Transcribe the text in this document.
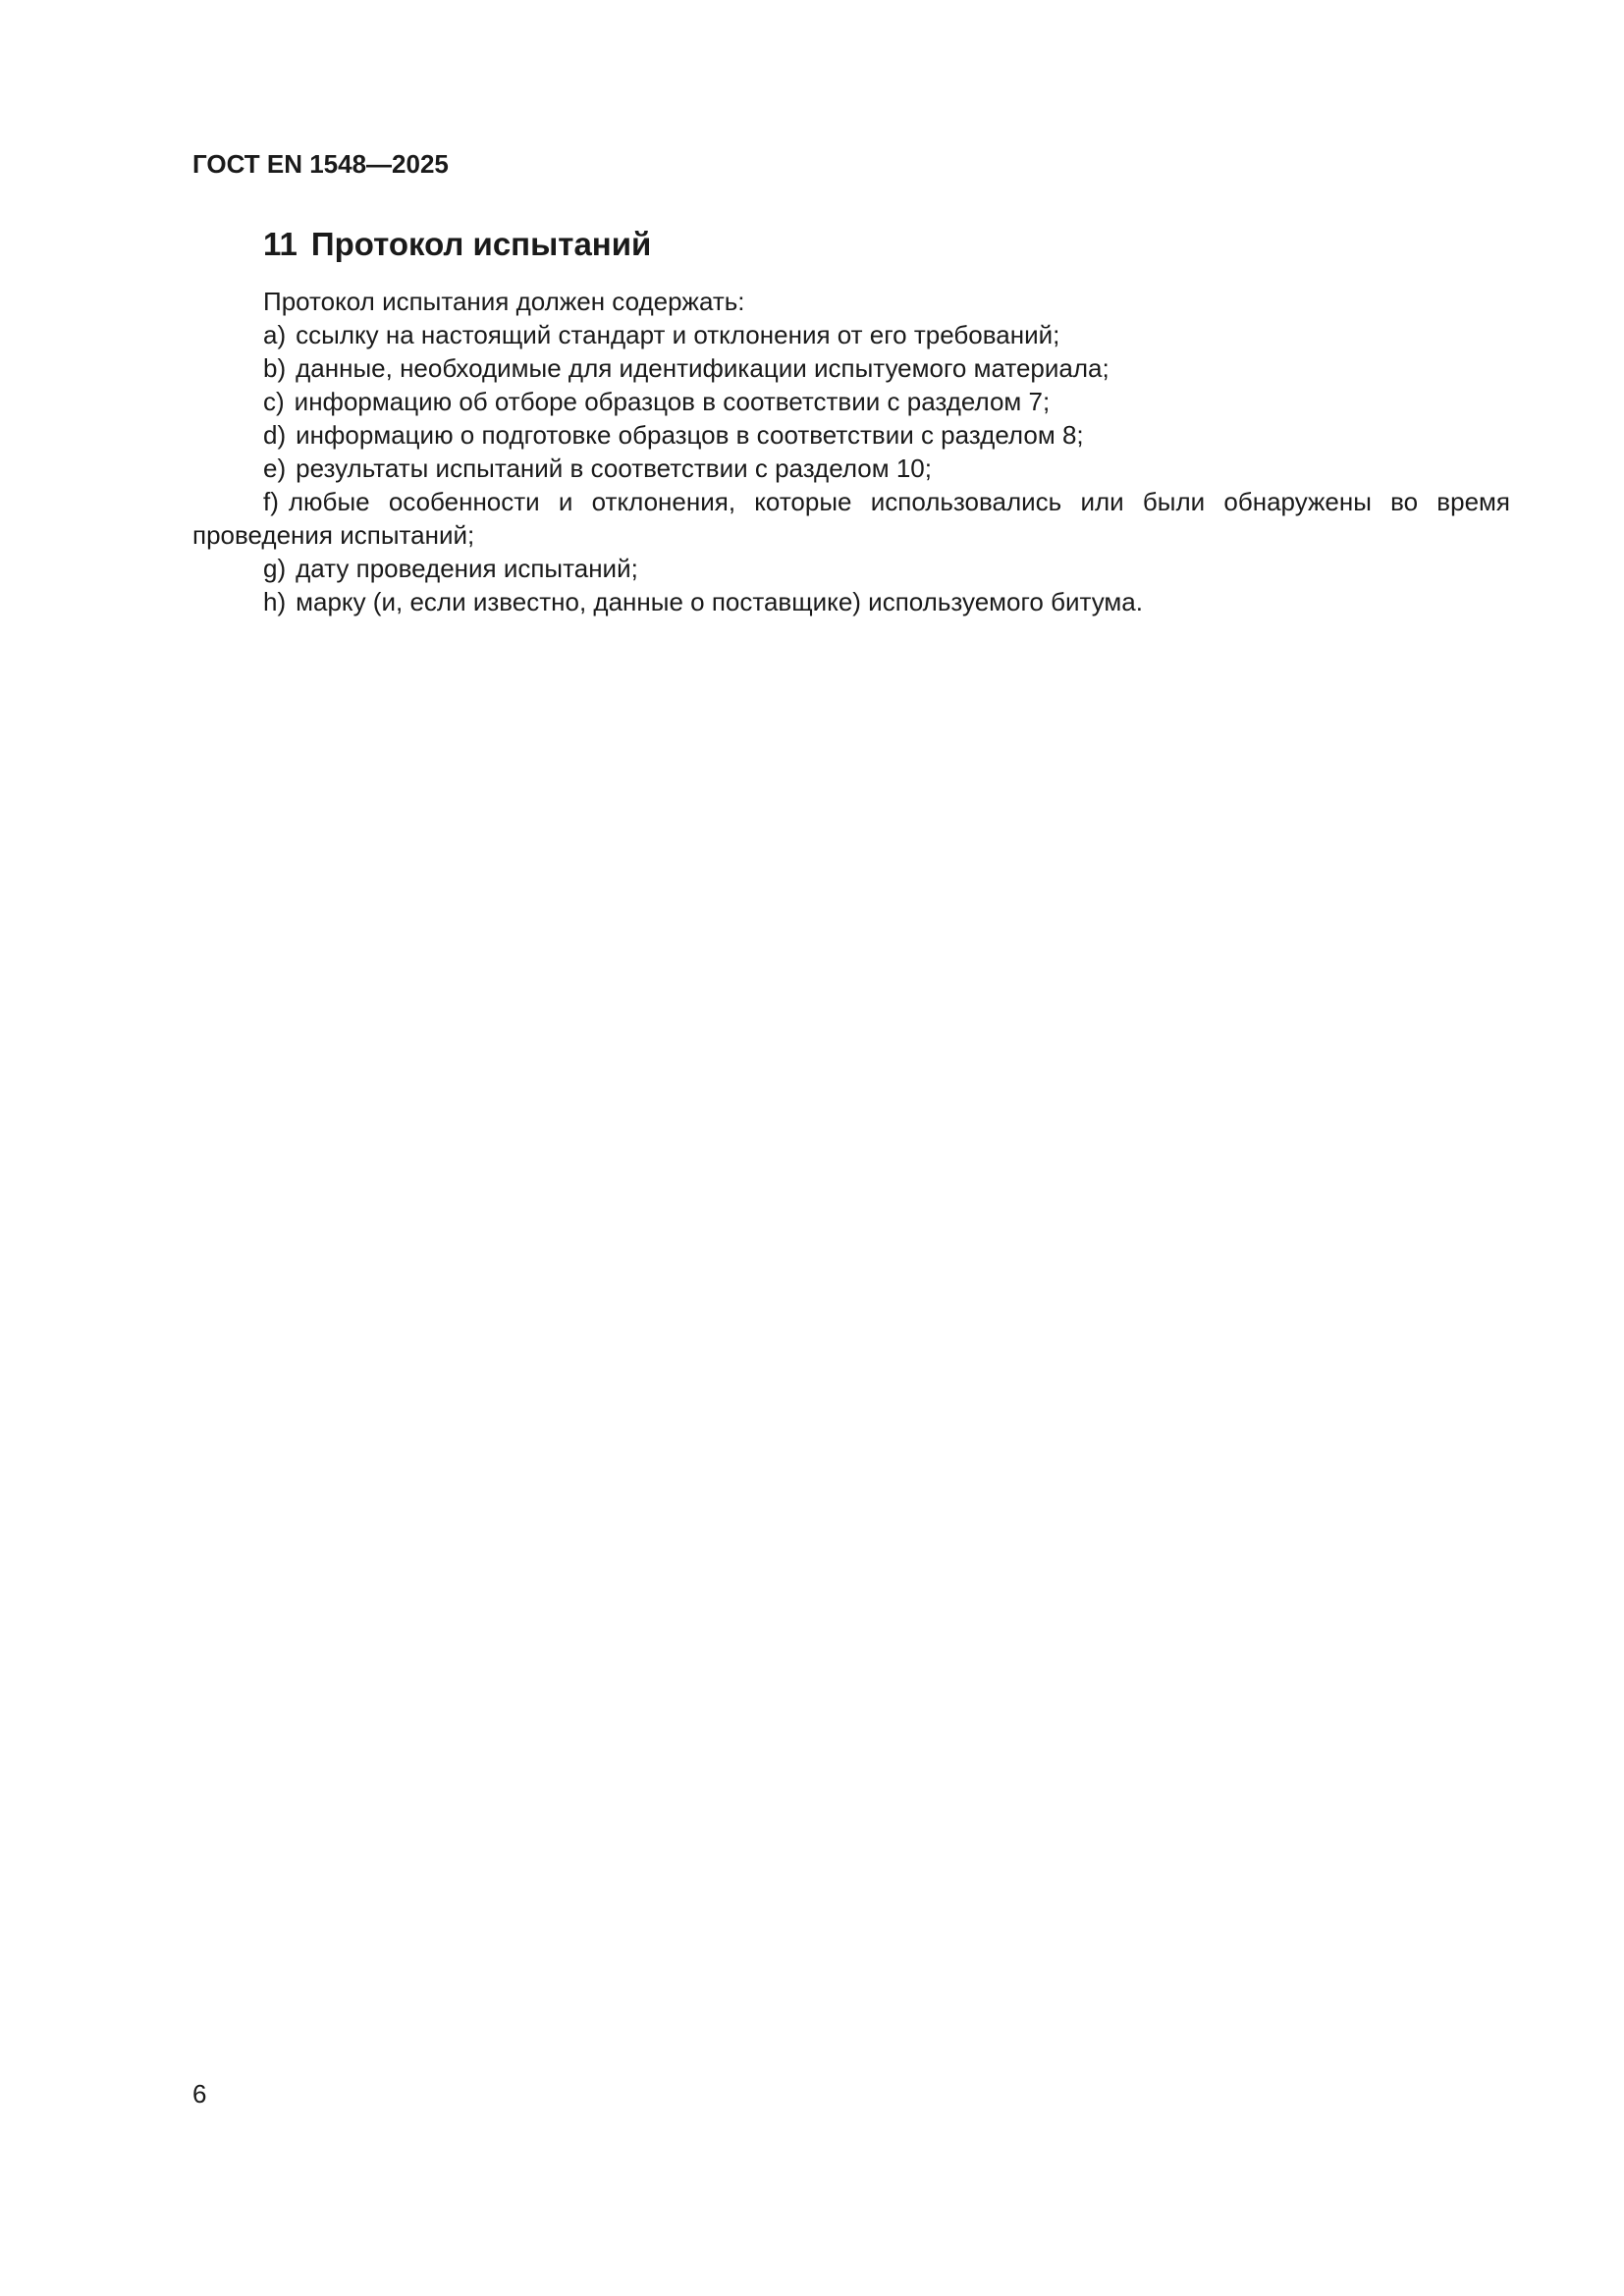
ГОСТ EN 1548—2025
11 Протокол испытаний

Протокол испытания должен содержать:

a) ссылку на настоящий стандарт и отклонения от его требований;

b) данные, необходимые для идентификации испытуемого материала;

c) информацию об отборе образцов в соответствии с разделом 7;

d) информацию о подготовке образцов в соответствии с разделом 8;

e) результаты испытаний в соответствии с разделом 10;

f) любые особенности и отклонения, которые использовались или были обнаружены во время проведения испытаний;

g) дату проведения испытаний;

h) марку (и, если известно, данные о поставщике) используемого битума.

6
